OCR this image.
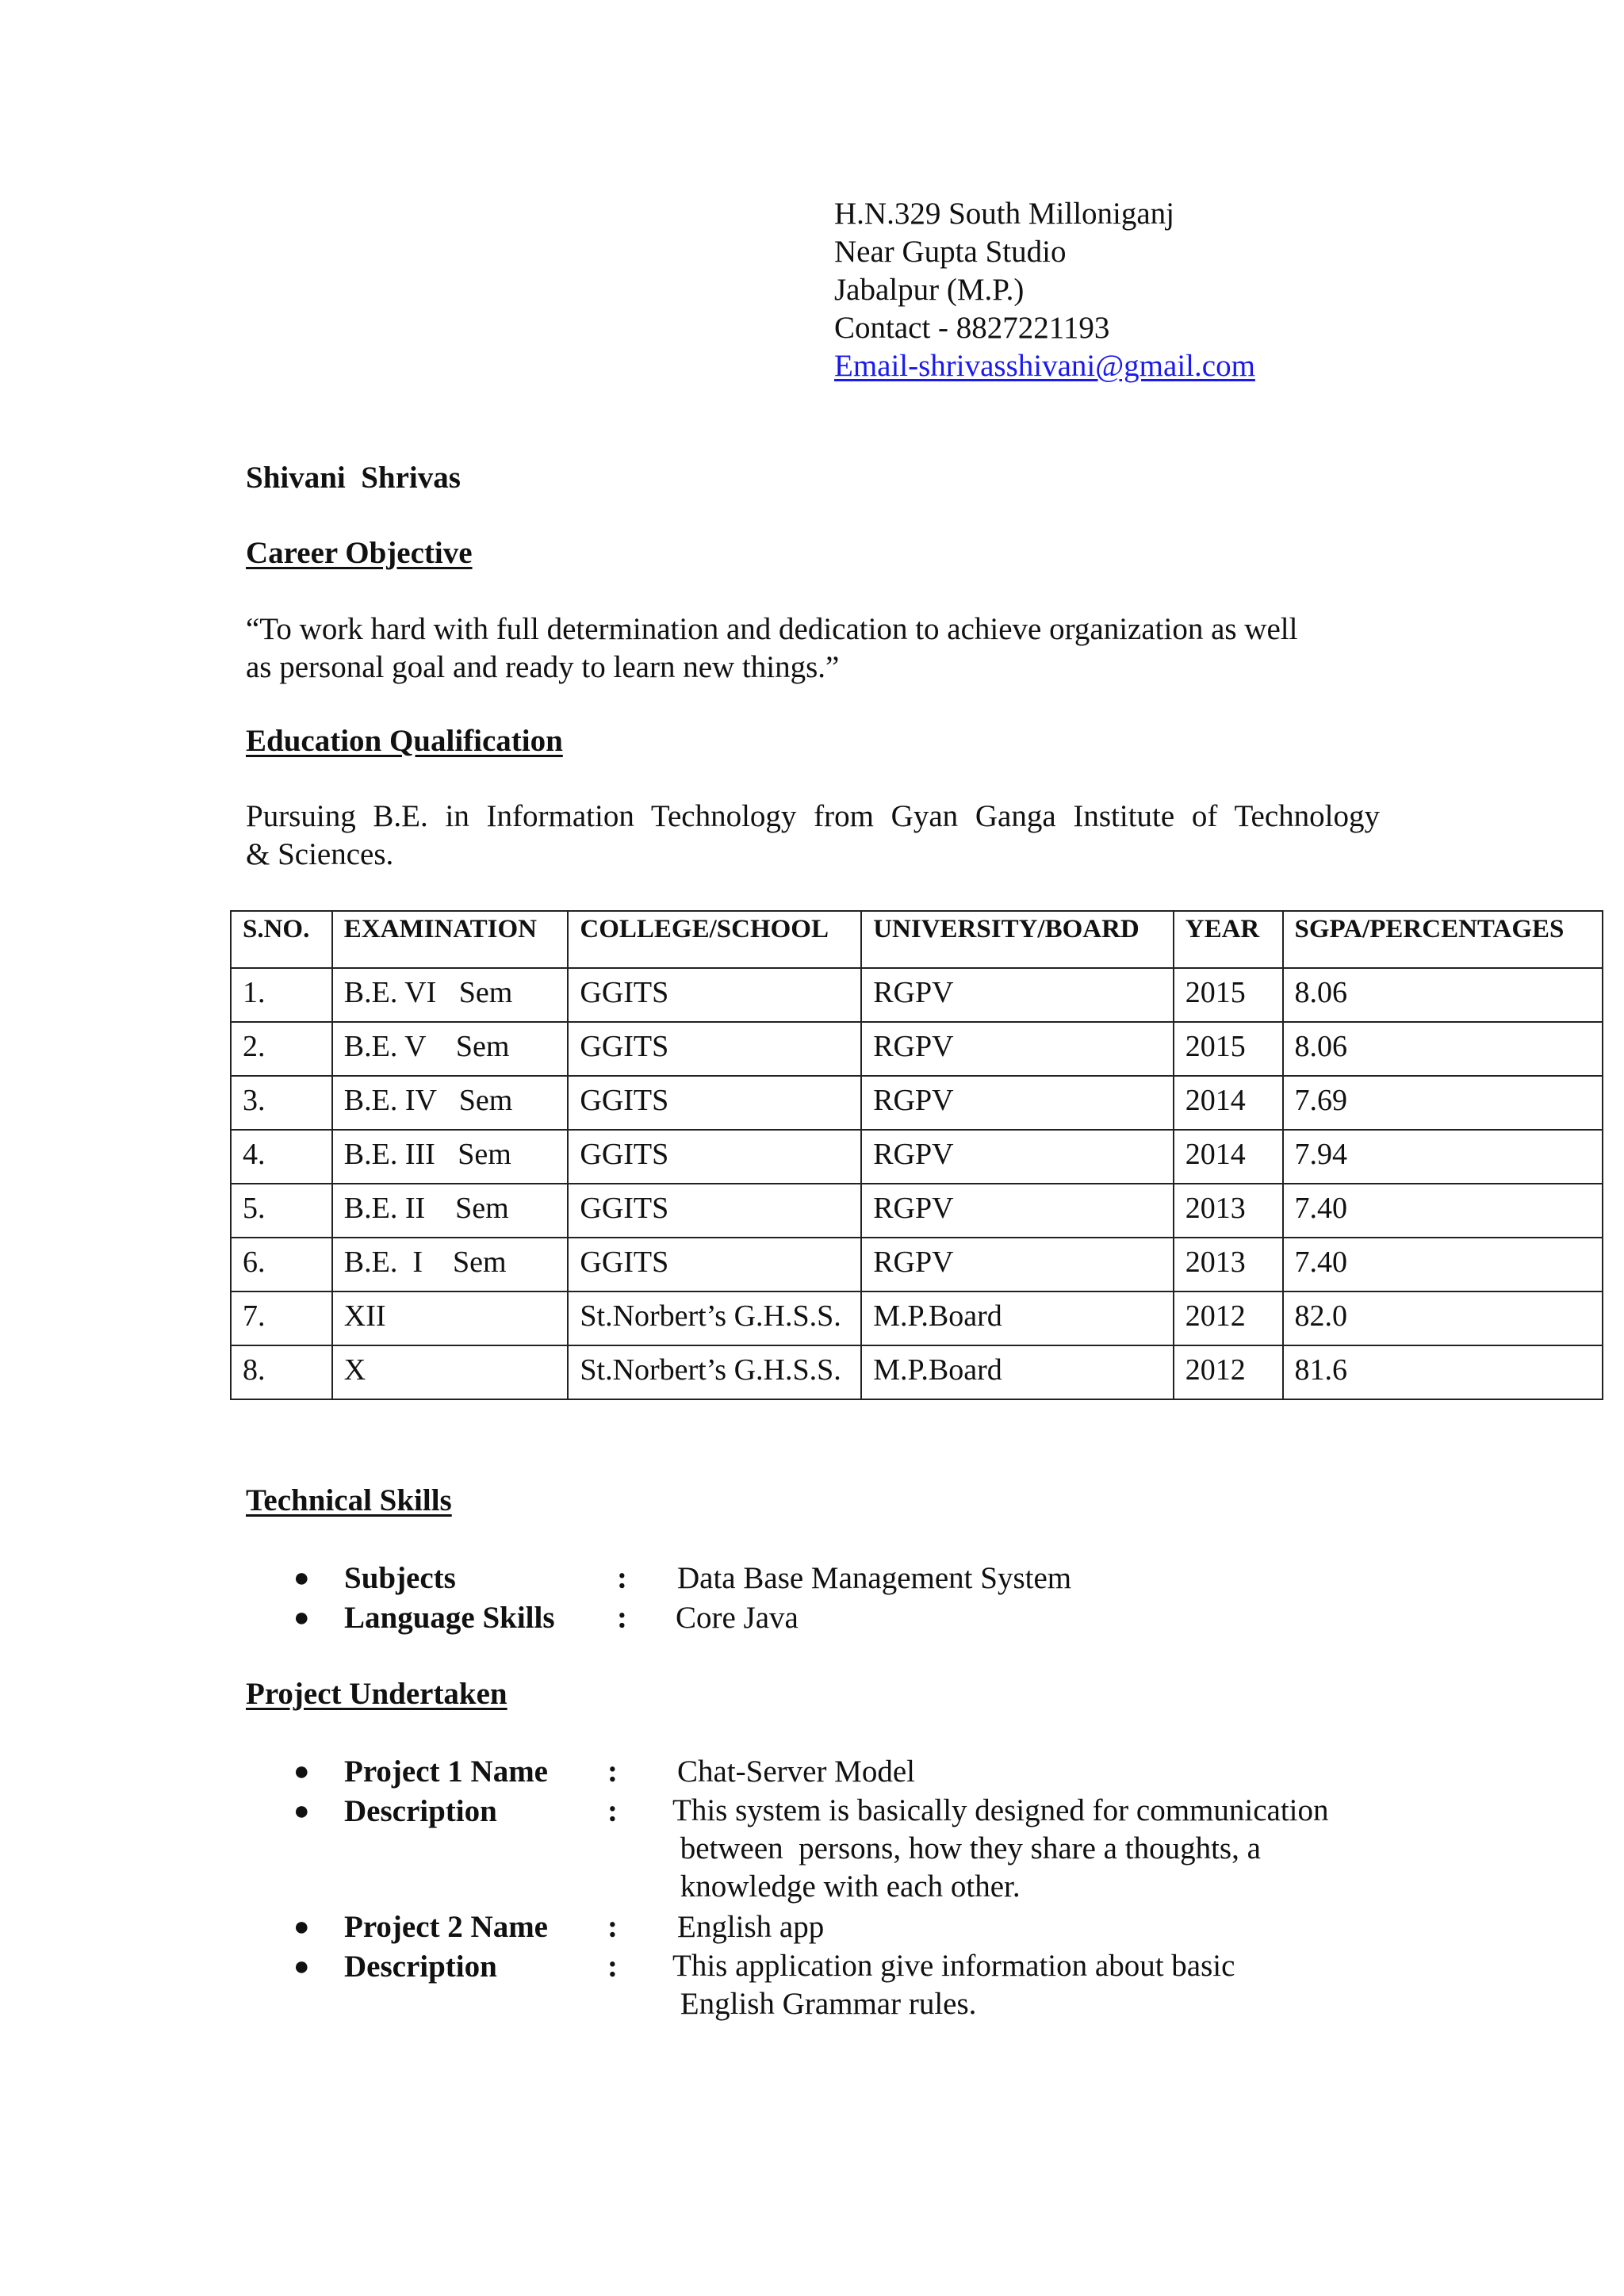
H.N.329 South Milloniganj
Near Gupta Studio
Jabalpur (M.P.)
Contact - 8827221193
Email-shrivasshivani@gmail.com
Shivani  Shrivas
Career Objective
“To work hard with full determination and dedication to achieve organization as well
as personal goal and ready to learn new things.”
Education Qualification
Pursuing B.E. in Information Technology from Gyan Ganga Institute of Technology
& Sciences.
S.NO.	EXAMINATION	COLLEGE/SCHOOL	UNIVERSITY/BOARD	YEAR	SGPA/PERCENTAGES
1.	B.E. VI   Sem	GGITS	RGPV	2015	8.06
2.	B.E. V    Sem	GGITS	RGPV	2015	8.06
3.	B.E. IV   Sem	GGITS	RGPV	2014	7.69
4.	B.E. III   Sem	GGITS	RGPV	2014	7.94
5.	B.E. II    Sem	GGITS	RGPV	2013	7.40
6.	B.E.  I    Sem	GGITS	RGPV	2013	7.40
7.	XII	St.Norbert’s G.H.S.S.	M.P.Board	2012	82.0
8.	X	St.Norbert’s G.H.S.S.	M.P.Board	2012	81.6
Technical Skills
● Subjects	: Data Base Management System
● Language Skills : Core Java
Project Undertaken
● Project 1 Name : Chat-Server Model
● Description	: This system is basically designed for communication
between  persons, how they share a thoughts, a
knowledge with each other.
● Project 2 Name : English app
● Description	: This application give information about basic
English Grammar rules.
